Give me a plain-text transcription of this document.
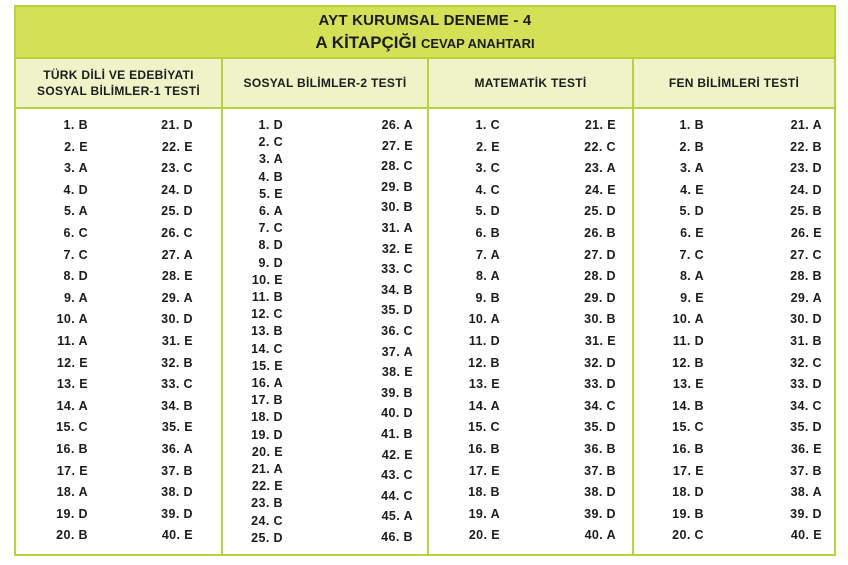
AYT KURUMSAL DENEME - 4
A KİTAPÇIĞI CEVAP ANAHTARI
TÜRK DİLİ VE EDEBİYATI
SOSYAL BİLİMLER-1 TESTİ
SOSYAL BİLİMLER-2 TESTİ	MATEMATİK TESTİ	FEN BİLİMLERİ TESTİ
1. B
2. E
3. A
4. D
5. A
6. C
7. C
8. D
9. A
10. A
11. A
12. E
13. E
14. A
15. C
16. B
17. E
18. A
19. D
20. B
21. D
22. E
23. C
24. D
25. D
26. C
27. A
28. E
29. A
30. D
31. E
32. B
33. C
34. B
35. E
36. A
37. B
38. D
39. D
40. E
1. D
2. C
3. A
4. B
5. E
6. A
7. C
8. D
9. D
10. E
11. B
12. C
13. B
14. C
15. E
16. A
17. B
18. D
19. D
20. E
21. A
22. E
23. B
24. C
25. D
26. A
27. E
28. C
29. B
30. B
31. A
32. E
33. C
34. B
35. D
36. C
37. A
38. E
39. B
40. D
41. B
42. E
43. C
44. C
45. A
46. B
1. C
2. E
3. C
4. C
5. D
6. B
7. A
8. A
9. B
10. A
11. D
12. B
13. E
14. A
15. C
16. B
17. E
18. B
19. A
20. E
21. E
22. C
23. A
24. E
25. D
26. B
27. D
28. D
29. D
30. B
31. E
32. D
33. D
34. C
35. D
36. B
37. B
38. D
39. D
40. A
1. B
2. B
3. A
4. E
5. D
6. E
7. C
8. A
9. E
10. A
11. D
12. B
13. E
14. B
15. C
16. B
17. E
18. D
19. B
20. C
21. A
22. B
23. D
24. D
25. B
26. E
27. C
28. B
29. A
30. D
31. B
32. C
33. D
34. C
35. D
36. E
37. B
38. A
39. D
40. E
